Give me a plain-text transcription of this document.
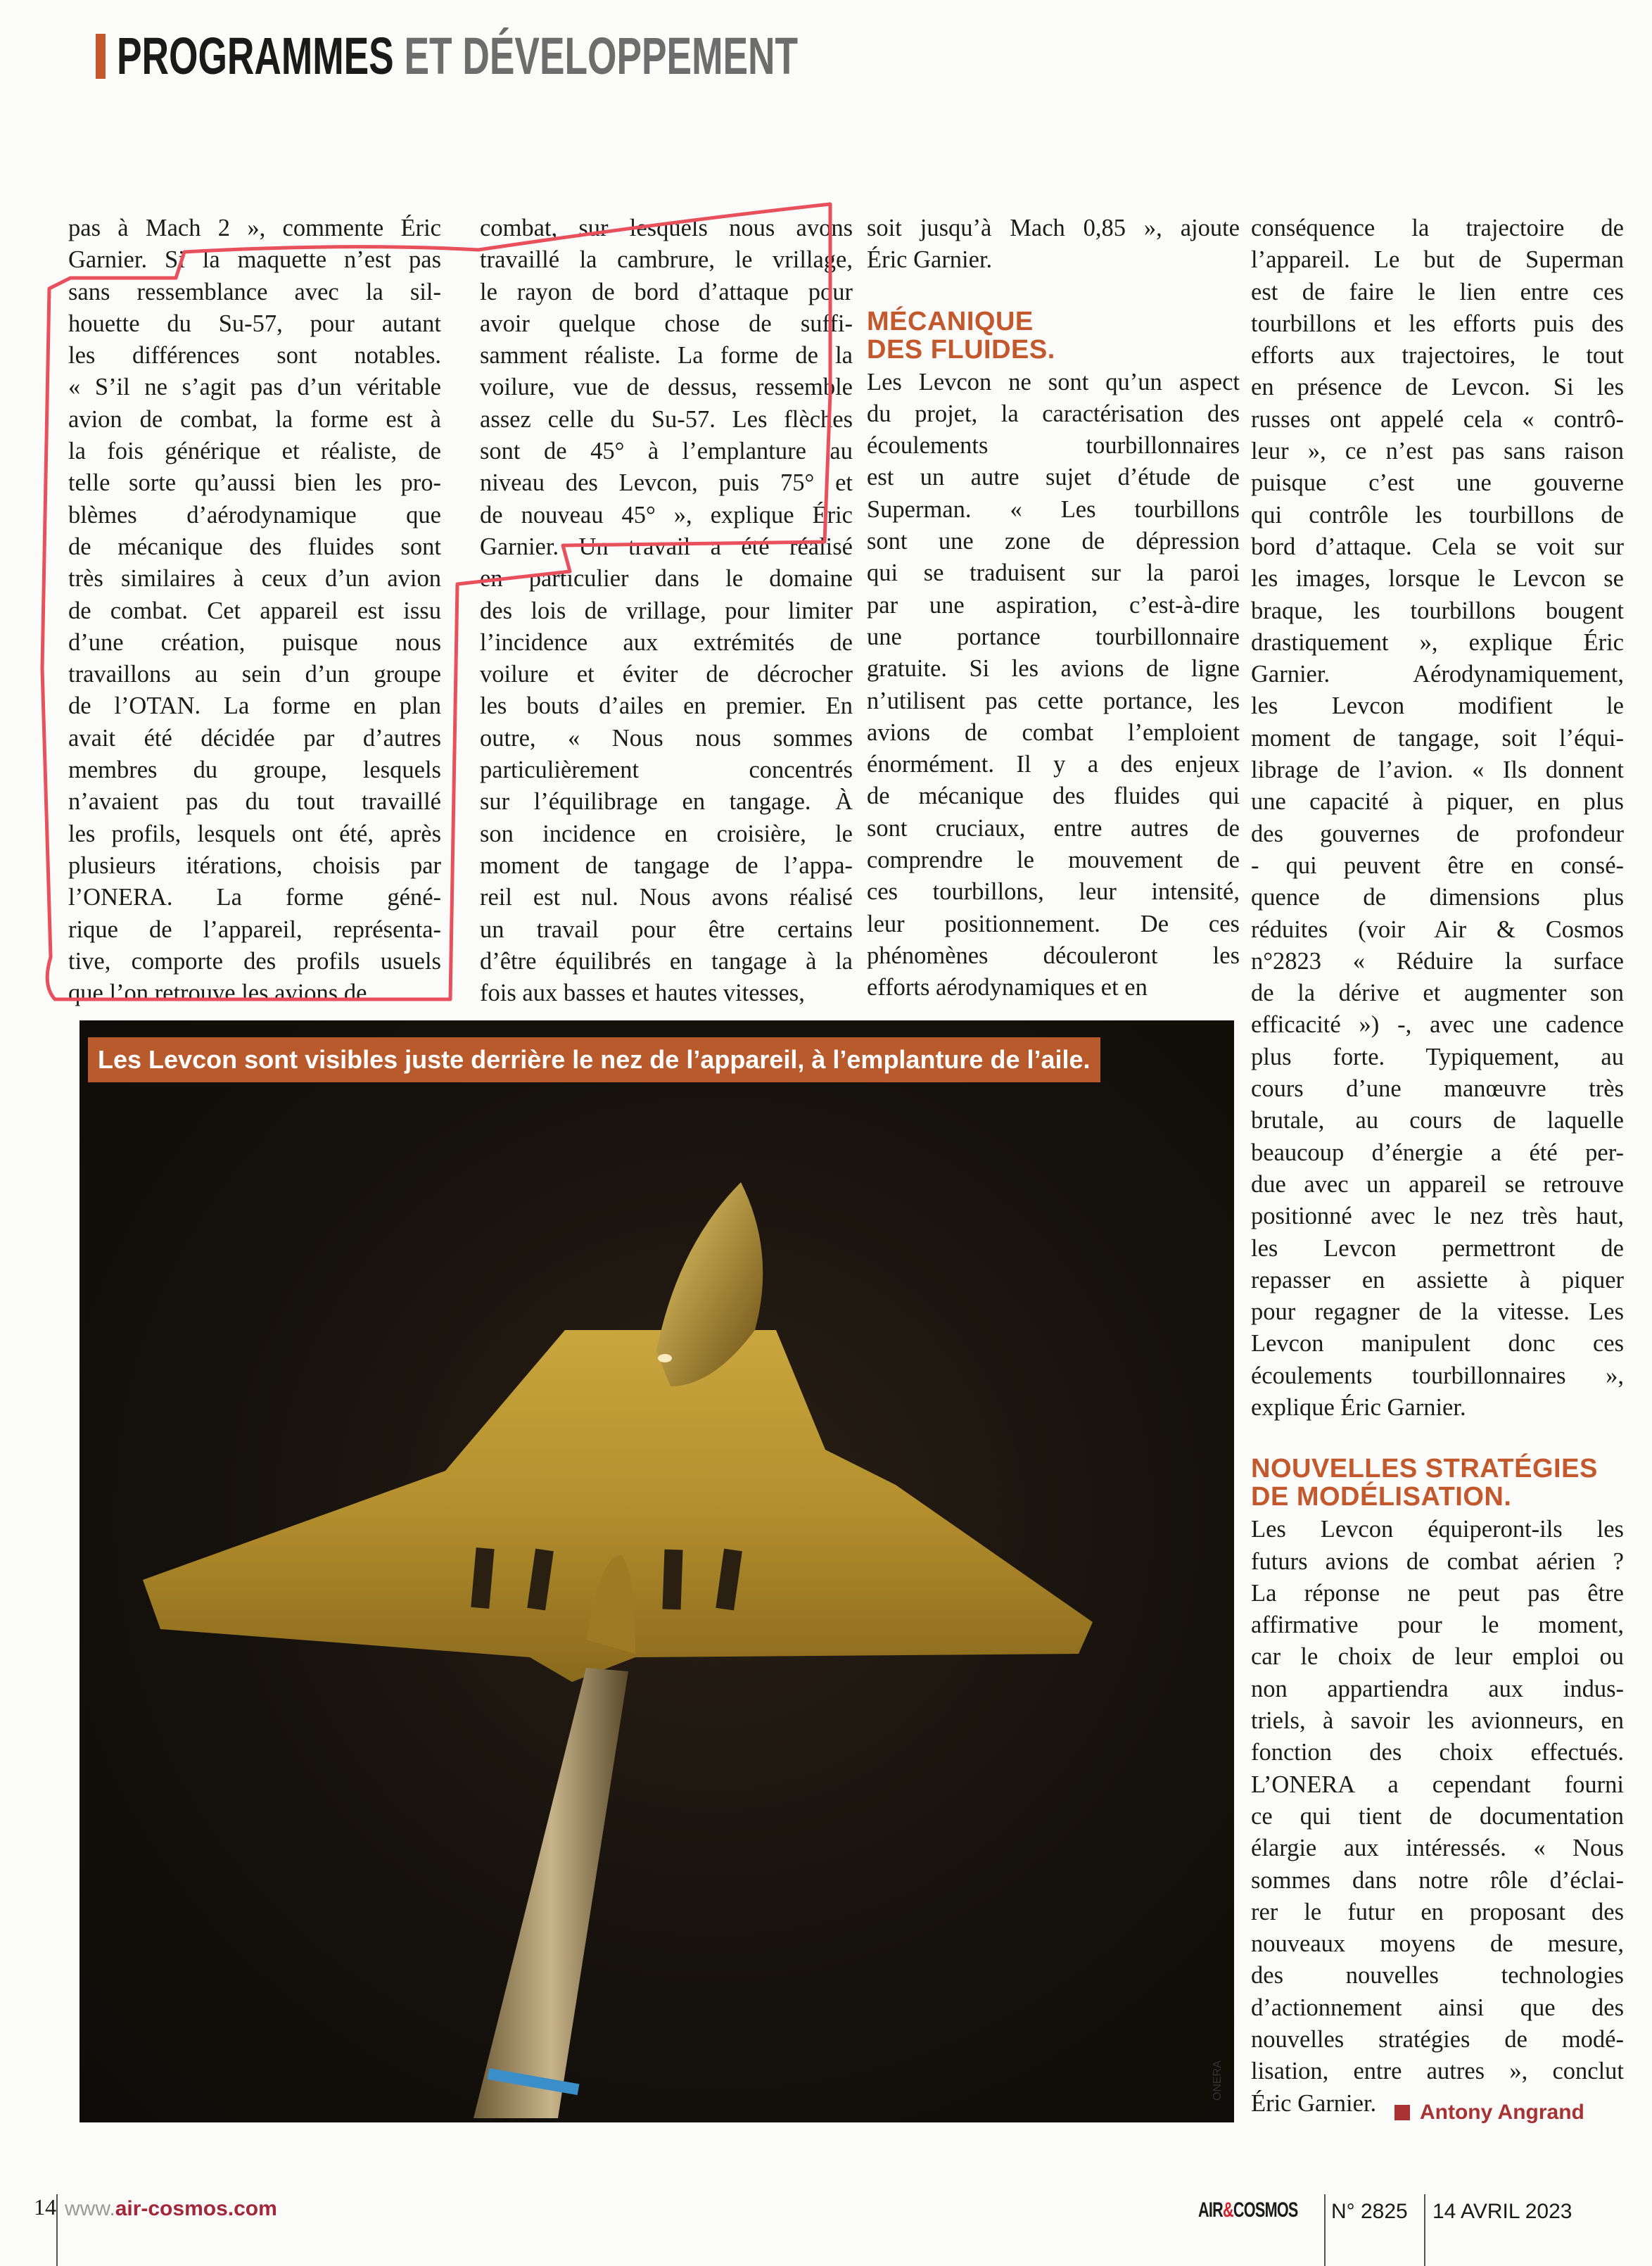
PROGRAMMES ET DÉVELOPPEMENT
pas à Mach 2 », commente Éric
Garnier. Si la maquette n’est pas
sans ressemblance avec la sil-
houette du Su-57, pour autant
les différences sont notables.
« S’il ne s’agit pas d’un véritable
avion de combat, la forme est à
la fois générique et réaliste, de
telle sorte qu’aussi bien les pro-
blèmes d’aérodynamique que
de mécanique des fluides sont
très similaires à ceux d’un avion
de combat. Cet appareil est issu
d’une création, puisque nous
travaillons au sein d’un groupe
de l’OTAN. La forme en plan
avait été décidée par d’autres
membres du groupe, lesquels
n’avaient pas du tout travaillé
les profils, lesquels ont été, après
plusieurs itérations, choisis par
l’ONERA. La forme géné-
rique de l’appareil, représenta-
tive, comporte des profils usuels
que l’on retrouve les avions de
combat, sur lesquels nous avons
travaillé la cambrure, le vrillage,
le rayon de bord d’attaque pour
avoir quelque chose de suffi-
samment réaliste. La forme de la
voilure, vue de dessus, ressemble
assez celle du Su-57. Les flèches
sont de 45° à l’emplanture au
niveau des Levcon, puis 75° et
de nouveau 45° », explique Éric
Garnier. Un travail a été réalisé
en particulier dans le domaine
des lois de vrillage, pour limiter
l’incidence aux extrémités de
voilure et éviter de décrocher
les bouts d’ailes en premier. En
outre, « Nous nous sommes
particulièrement concentrés
sur l’équilibrage en tangage. À
son incidence en croisière, le
moment de tangage de l’appa-
reil est nul. Nous avons réalisé
un travail pour être certains
d’être équilibrés en tangage à la
fois aux basses et hautes vitesses,
soit jusqu’à Mach 0,85 », ajoute
Éric Garnier.
MÉCANIQUE
DES FLUIDES.
Les Levcon ne sont qu’un aspect
du projet, la caractérisation des
écoulements tourbillonnaires
est un autre sujet d’étude de
Superman. « Les tourbillons
sont une zone de dépression
qui se traduisent sur la paroi
par une aspiration, c’est-à-dire
une portance tourbillonnaire
gratuite. Si les avions de ligne
n’utilisent pas cette portance, les
avions de combat l’emploient
énormément. Il y a des enjeux
de mécanique des fluides qui
sont cruciaux, entre autres de
comprendre le mouvement de
ces tourbillons, leur intensité,
leur positionnement. De ces
phénomènes découleront les
efforts aérodynamiques et en
conséquence la trajectoire de
l’appareil. Le but de Superman
est de faire le lien entre ces
tourbillons et les efforts puis des
efforts aux trajectoires, le tout
en présence de Levcon. Si les
russes ont appelé cela « contrô-
leur », ce n’est pas sans raison
puisque c’est une gouverne
qui contrôle les tourbillons de
bord d’attaque. Cela se voit sur
les images, lorsque le Levcon se
braque, les tourbillons bougent
drastiquement », explique Éric
Garnier. Aérodynamiquement,
les Levcon modifient le
moment de tangage, soit l’équi-
librage de l’avion. « Ils donnent
une capacité à piquer, en plus
des gouvernes de profondeur
- qui peuvent être en consé-
quence de dimensions plus
réduites (voir Air & Cosmos
n°2823 « Réduire la surface
de la dérive et augmenter son
efficacité ») -, avec une cadence
plus forte. Typiquement, au
cours d’une manœuvre très
brutale, au cours de laquelle
beaucoup d’énergie a été per-
due avec un appareil se retrouve
positionné avec le nez très haut,
les Levcon permettront de
repasser en assiette à piquer
pour regagner de la vitesse. Les
Levcon manipulent donc ces
écoulements tourbillonnaires »,
explique Éric Garnier.
NOUVELLES STRATÉGIES
DE MODÉLISATION.
Les Levcon équiperont-ils les
futurs avions de combat aérien ?
La réponse ne peut pas être
affirmative pour le moment,
car le choix de leur emploi ou
non appartiendra aux indus-
triels, à savoir les avionneurs, en
fonction des choix effectués.
L’ONERA a cependant fourni
ce qui tient de documentation
élargie aux intéressés. « Nous
sommes dans notre rôle d’éclai-
rer le futur en proposant des
nouveaux moyens de mesure,
des nouvelles technologies
d’actionnement ainsi que des
nouvelles stratégies de modé-
lisation, entre autres », conclut
Éric Garnier.	Antony Angrand
Les Levcon sont visibles juste derrière le nez de l’appareil, à l’emplanture de l’aile.
ONERA
14 www.air-cosmos.com	AIR&COSMOS N° 2825 14 AVRIL 2023
